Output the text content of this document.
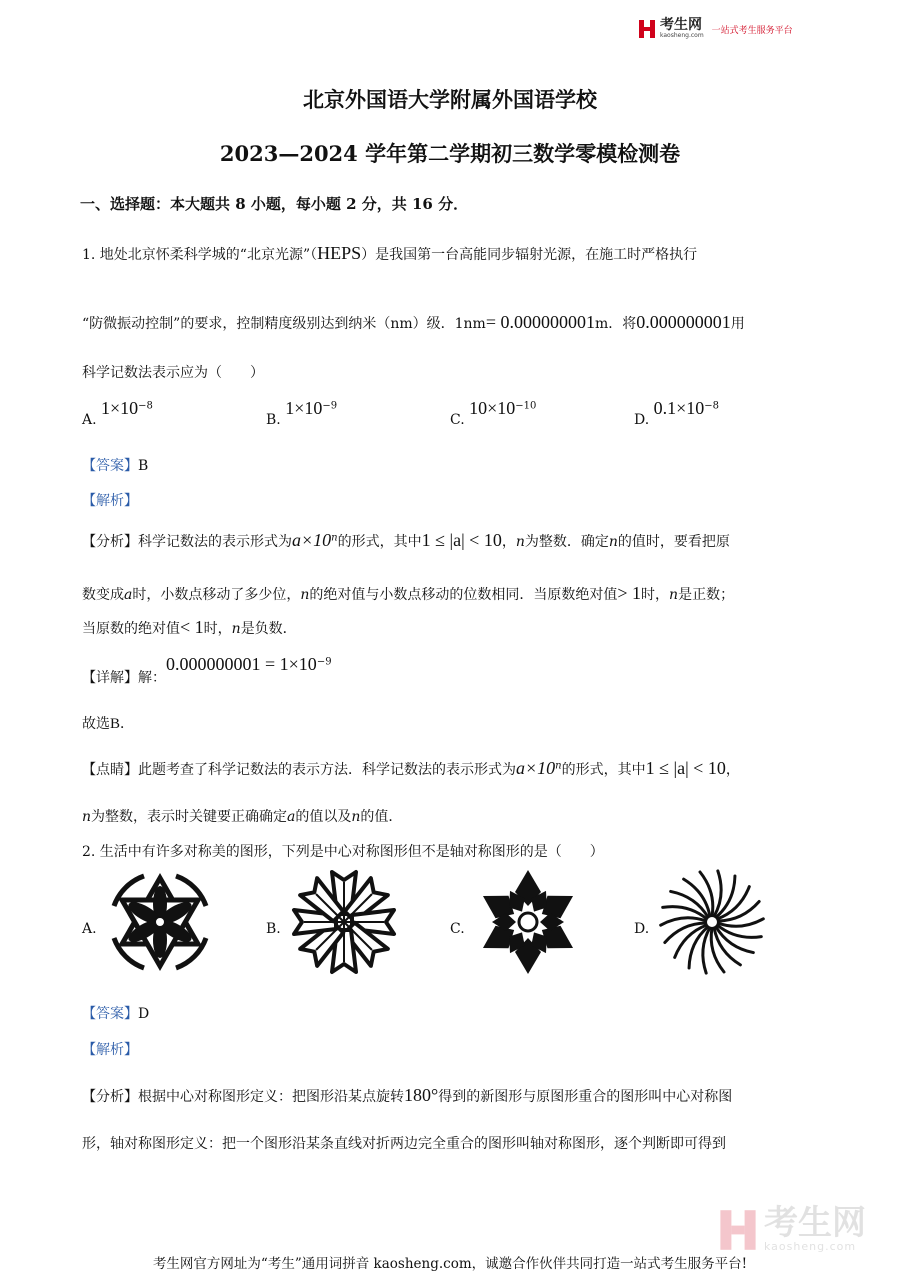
考生网
kaosheng.com 一站式考生服务平台
北京外国语大学附属外国语学校
2023—2024 学年第二学期初三数学零模检测卷
一、选择题：本大题共 8 小题，每小题 2 分，共 16 分．
1. 地处北京怀柔科学城的“北京光源”（HEPS）是我国第一台高能同步辐射光源，在施工时严格执行
“防微振动控制”的要求，控制精度级别达到纳米（nm）级．1nm= 0.000000001m．将0.000000001用
科学记数法表示应为（　　）
A. $1\times 10^{-8}$
B. $1\times 10^{-9}$
C. $10\times 10^{-10}$
D. $0.1\times 10^{-8}$
【答案】B
【解析】
【分析】科学记数法的表示形式为$a\times 10^n$的形式，其中1 ≤ |a| < 10，n为整数．确定n的值时，要看把原
数变成a时，小数点移动了多少位，n的绝对值与小数点移动的位数相同．当原数绝对值> 1时，n是正数；
当原数的绝对值< 1时，n是负数．
【详解】解：$0.000000001 = 1\times 10^{-9}$
故选B．
【点睛】此题考查了科学记数法的表示方法．科学记数法的表示形式为$a\times 10^n$的形式，其中1 ≤ |a| < 10，
n为整数，表示时关键要正确确定a的值以及n的值．
2. 生活中有许多对称美的图形，下列是中心对称图形但不是轴对称图形的是（　　）
A.	B.	C.	D.
【答案】D
【解析】
【分析】根据中心对称图形定义：把图形沿某点旋转180°得到的新图形与原图形重合的图形叫中心对称图
形，轴对称图形定义：把一个图形沿某条直线对折两边完全重合的图形叫轴对称图形，逐个判断即可得到
考生网
kaosheng.com
考生网官方网址为“考生”通用词拼音 kaosheng.com，诚邀合作伙伴共同打造一站式考生服务平台!
